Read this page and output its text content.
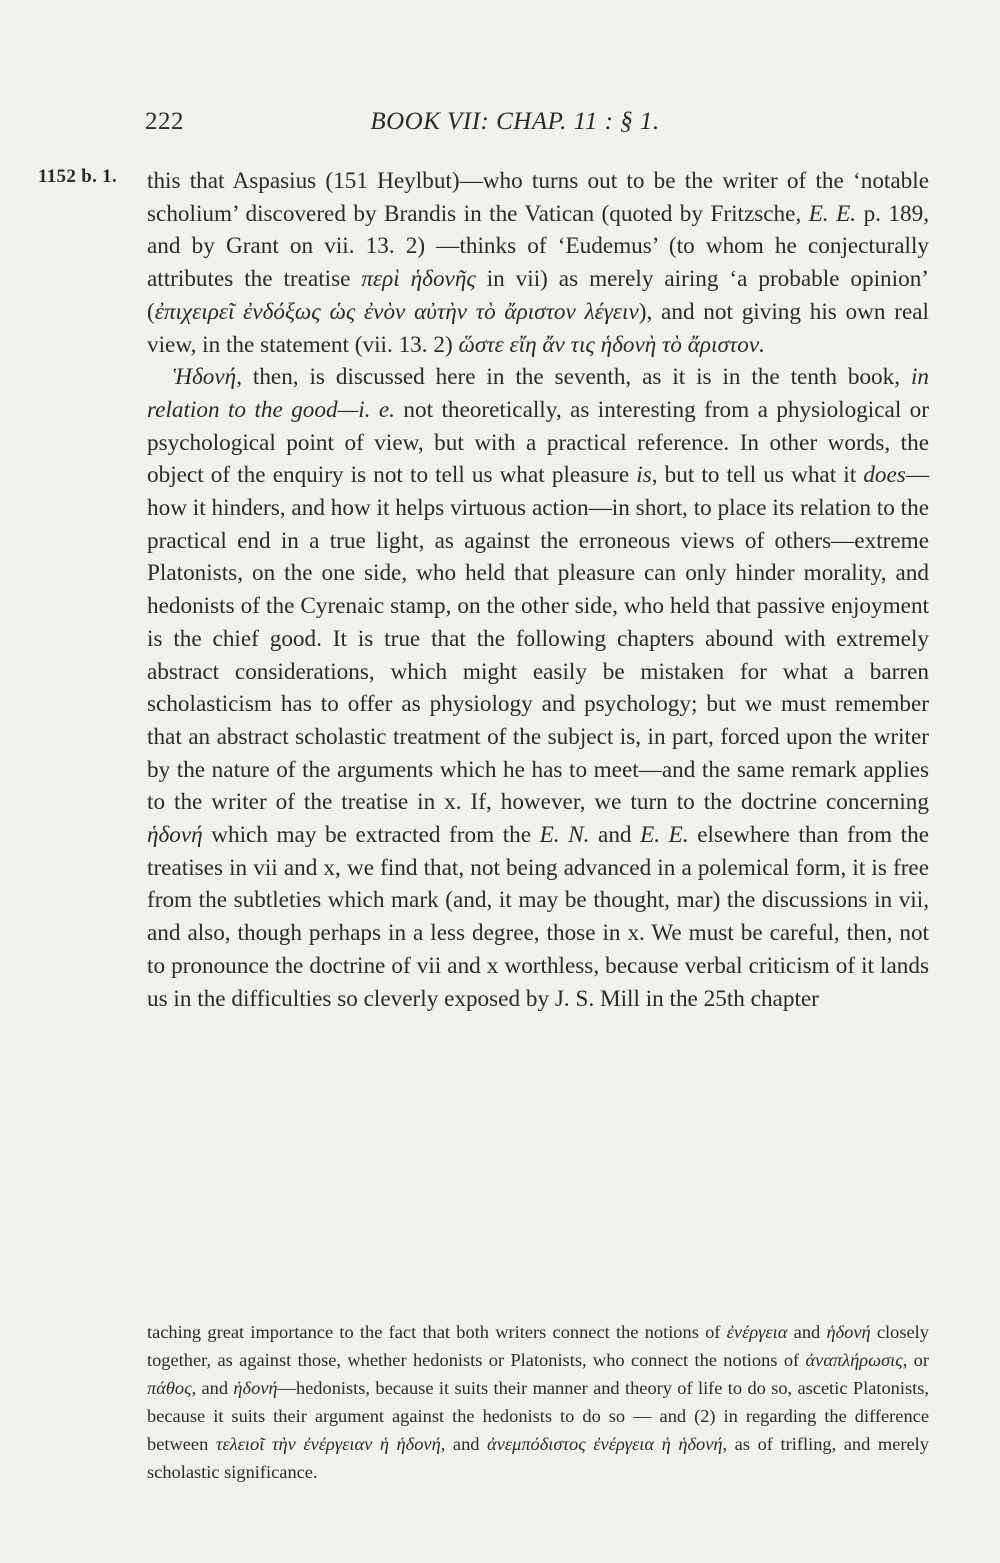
222	BOOK VII: CHAP. 11 : § 1.
1152 b. 1. this that Aspasius (151 Heylbut)—who turns out to be the writer of the ‘notable scholium’ discovered by Brandis in the Vatican (quoted by Fritzsche, E. E. p. 189, and by Grant on vii. 13. 2) —thinks of ‘Eudemus’ (to whom he conjecturally attributes the treatise περὶ ἡδονῆς in vii) as merely airing ‘a probable opinion’ (ἐπιχειρεῖ ἐνδόξως ὡς ἐνὸν αὐτὴν τὸ ἄριστον λέγειν), and not giving his own real view, in the statement (vii. 13. 2) ὥστε εἴη ἄν τις ἡδονὴ τὸ ἄριστον.

Ἡδονή, then, is discussed here in the seventh, as it is in the tenth book, in relation to the good—i. e. not theoretically, as interesting from a physiological or psychological point of view, but with a practical reference. In other words, the object of the enquiry is not to tell us what pleasure is, but to tell us what it does—how it hinders, and how it helps virtuous action—in short, to place its relation to the practical end in a true light, as against the erroneous views of others—extreme Platonists, on the one side, who held that pleasure can only hinder morality, and hedonists of the Cyrenaic stamp, on the other side, who held that passive enjoyment is the chief good. It is true that the following chapters abound with extremely abstract considerations, which might easily be mistaken for what a barren scholasticism has to offer as physiology and psychology; but we must remember that an abstract scholastic treatment of the subject is, in part, forced upon the writer by the nature of the arguments which he has to meet—and the same remark applies to the writer of the treatise in x. If, however, we turn to the doctrine concerning ἡδονή which may be extracted from the E. N. and E. E. elsewhere than from the treatises in vii and x, we find that, not being advanced in a polemical form, it is free from the subtleties which mark (and, it may be thought, mar) the discussions in vii, and also, though perhaps in a less degree, those in x. We must be careful, then, not to pronounce the doctrine of vii and x worthless, because verbal criticism of it lands us in the difficulties so cleverly exposed by J. S. Mill in the 25th chapter

taching great importance to the fact that both writers connect the notions of ἐνέργεια and ἡδονή closely together, as against those, whether hedonists or Platonists, who connect the notions of ἀναπλήρωσις, or πάθος, and ἡδονή—hedonists, because it suits their manner and theory of life to do so, ascetic Platonists, because it suits their argument against the hedonists to do so — and (2) in regarding the difference between τελειοῖ τὴν ἐνέργειαν ἡ ἡδονή, and ἀνεμπόδιστος ἐνέργεια ἡ ἡδονή, as of trifling, and merely scholastic significance.
